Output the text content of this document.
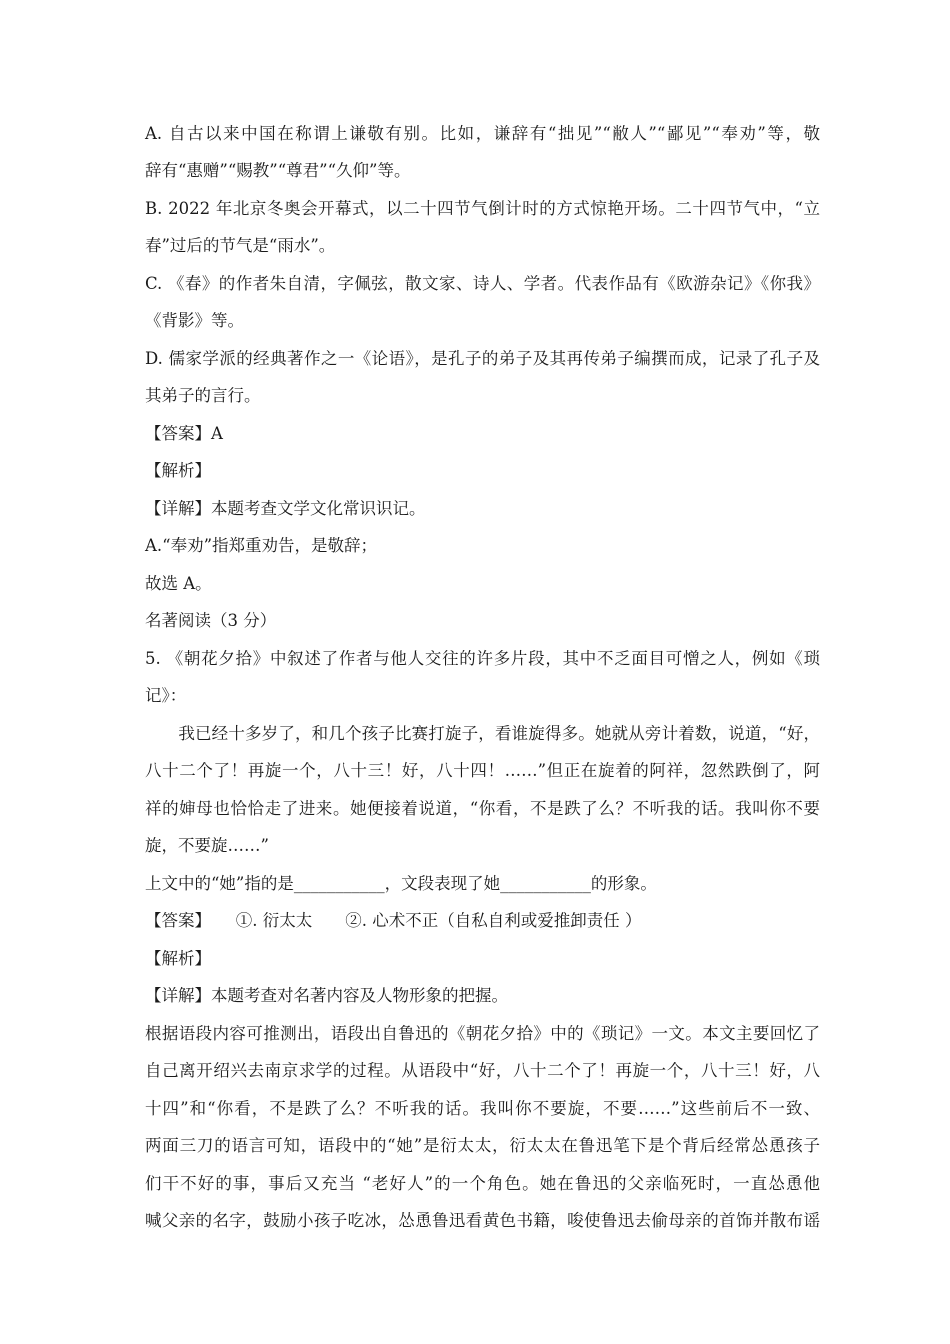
A. 自古以来中国在称谓上谦敬有别。比如，谦辞有“拙见”“敝人”“鄙见”“奉劝”等，敬
辞有“惠赠”“赐教”“尊君”“久仰”等。
B. 2022 年北京冬奥会开幕式，以二十四节气倒计时的方式惊艳开场。二十四节气中，“立
春”过后的节气是“雨水”。
C. 《春》的作者朱自清，字佩弦，散文家、诗人、学者。代表作品有《欧游杂记》《你我》
《背影》等。
D. 儒家学派的经典著作之一《论语》，是孔子的弟子及其再传弟子编撰而成，记录了孔子及
其弟子的言行。
【答案】A
【解析】
【详解】本题考查文学文化常识识记。
A.“奉劝”指郑重劝告，是敬辞；
故选 A。
名著阅读（3 分）
5. 《朝花夕拾》中叙述了作者与他人交往的许多片段，其中不乏面目可憎之人，例如《琐
记》：
　　我已经十多岁了，和几个孩子比赛打旋子，看谁旋得多。她就从旁计着数，说道，“好，
八十二个了！再旋一个，八十三！好，八十四！……”但正在旋着的阿祥，忽然跌倒了，阿
祥的婶母也恰恰走了进来。她便接着说道，“你看，不是跌了么？不听我的话。我叫你不要
旋，不要旋……”
上文中的“她”指的是___________，文段表现了她___________的形象。
【答案】　　①. 衍太太　　②. 心术不正（自私自利或爱推卸责任 ）
【解析】
【详解】本题考查对名著内容及人物形象的把握。
根据语段内容可推测出，语段出自鲁迅的《朝花夕拾》中的《琐记》一文。本文主要回忆了
自己离开绍兴去南京求学的过程。从语段中“好，八十二个了！再旋一个，八十三！好，八
十四”和“你看，不是跌了么？不听我的话。我叫你不要旋，不要……”这些前后不一致、
两面三刀的语言可知，语段中的“她”是衍太太，衍太太在鲁迅笔下是个背后经常怂恿孩子
们干不好的事，事后又充当 “老好人”的一个角色。她在鲁迅的父亲临死时，一直怂恿他
喊父亲的名字，鼓励小孩子吃冰，怂恿鲁迅看黄色书籍，唆使鲁迅去偷母亲的首饰并散布谣
